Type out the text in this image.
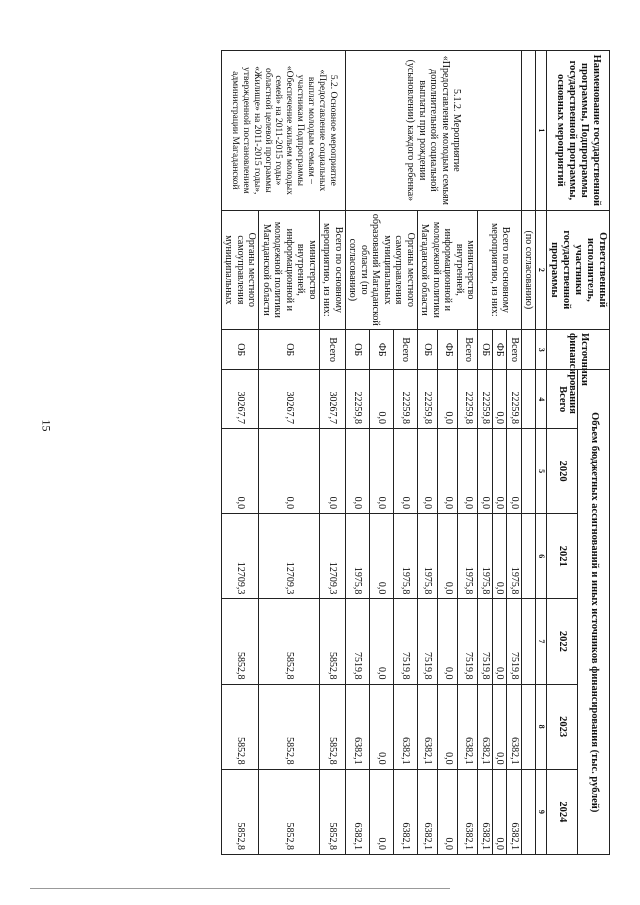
15
Наименование государственной программы, Подпрограммы государственной программы, основных мероприятий	Ответственный исполнитель, участники государственной программы	Источники финансирования	Объем бюджетных ассигнований и иных источников финансирования (тыс. рублей)					
			Всего	2020	2021	2022	2023	2024
1	2	3	4	5	6	7	8	9
	(по согласованию)							
5.1.2. Мероприятие «Предоставление молодым семьям дополнительной социальной выплаты при рождении (усыновлении) каждого ребенка»	Всего по основному мероприятию, из них:	Всего	22259,8	0,0	1975,8	7519,8	6382,1	6382,1
		ФБ	0,0	0,0	0,0	0,0	0,0	0,0
		ОБ	22259,8	0,0	1975,8	7519,8	6382,1	6382,1
	министерство внутренней, информационной и молодежной политики Магаданской области	Всего	22259,8	0,0	1975,8	7519,8	6382,1	6382,1
		ФБ	0,0	0,0	0,0	0,0	0,0	0,0
		ОБ	22259,8	0,0	1975,8	7519,8	6382,1	6382,1
	Органы местного самоуправления муниципальных образований Магаданской области (по согласованию)	Всего	22259,8	0,0	1975,8	7519,8	6382,1	6382,1
		ФБ	0,0	0,0	0,0	0,0	0,0	0,0
		ОБ	22259,8	0,0	1975,8	7519,8	6382,1	6382,1
5.2. Основное мероприятие «Предоставление социальных выплат молодым семьям – участникам Подпрограммы «Обеспечение жильем молодых семей» на 2011-2015 годы» областной целевой программы «Жилище» на 2011-2015 годы», утвержденной постановлением администрации Магаданской	Всего по основному мероприятию, из них:	Всего	30267,7	0,0	12709,3	5852,8	5852,8	5852,8
	министерство внутренней, информационной и молодежной политики Магаданской области	ОБ	30267,7	0,0	12709,3	5852,8	5852,8	5852,8
	Органы местного самоуправления муниципальных	ОБ	30267,7	0,0	12709,3	5852,8	5852,8	5852,8
